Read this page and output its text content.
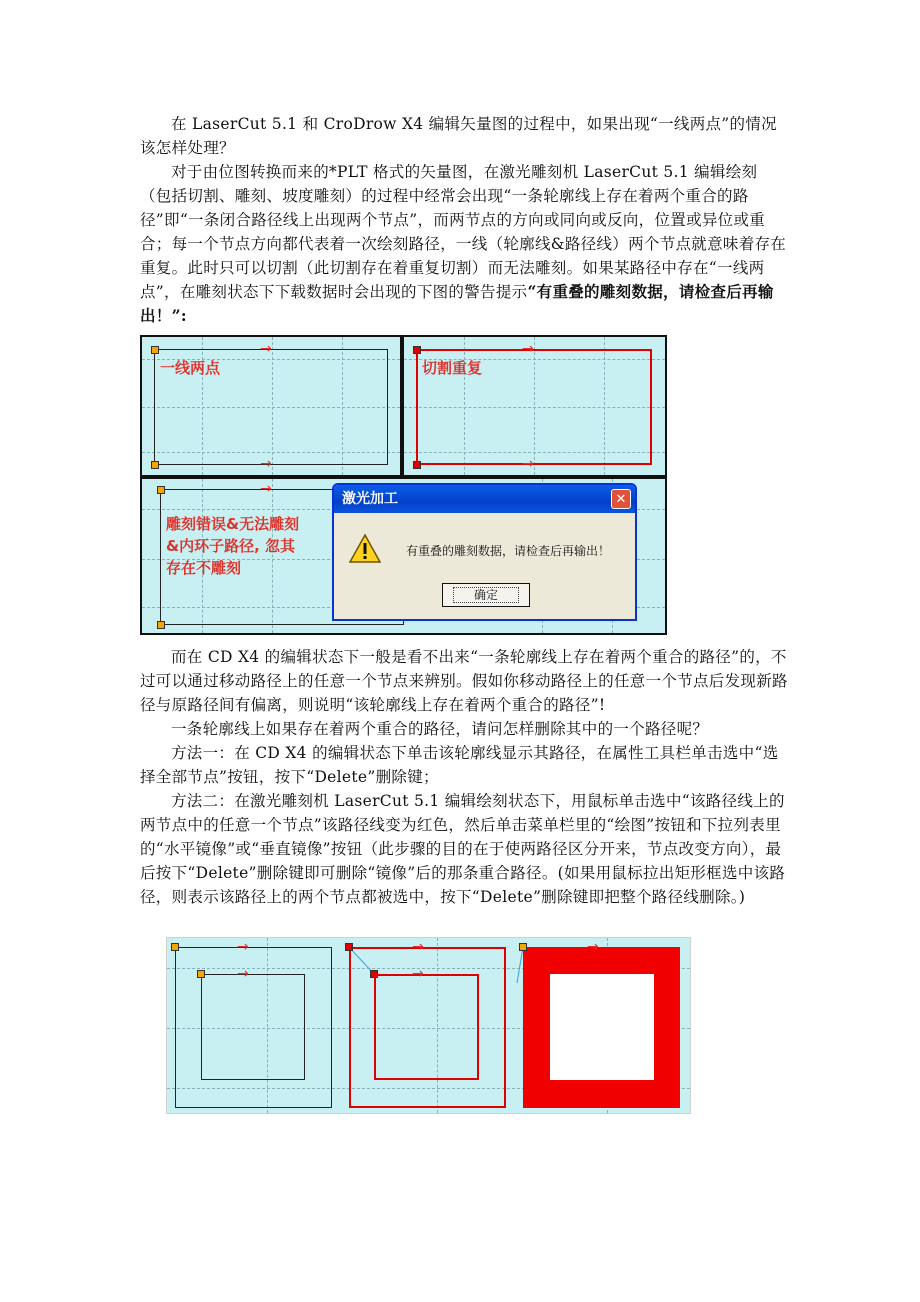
在 LaserCut 5.1 和 CroDrow X4 编辑矢量图的过程中，如果出现“一线两点”的情况该怎样处理？

对于由位图转换而来的*PLT 格式的矢量图，在激光雕刻机 LaserCut 5.1 编辑绘刻（包括切割、雕刻、坡度雕刻）的过程中经常会出现“一条轮廓线上存在着两个重合的路径”即“一条闭合路径线上出现两个节点”，而两节点的方向或同向或反向，位置或异位或重合；每一个节点方向都代表着一次绘刻路径，一线（轮廓线&路径线）两个节点就意味着存在重复。此时只可以切割（此切割存在着重复切割）而无法雕刻。如果某路径中存在“一线两点”，在雕刻状态下下载数据时会出现的下图的警告提示“有重叠的雕刻数据，请检查后再输出！”:

→
→
一线两点
→
→
切割重复
→
雕刻错误&无法雕刻
&内环子路径, 忽其
存在不雕刻
激光加工	✕
有重叠的雕刻数据，请检查后再输出！
确定

而在 CD X4 的编辑状态下一般是看不出来“一条轮廓线上存在着两个重合的路径”的，不过可以通过移动路径上的任意一个节点来辨别。假如你移动路径上的任意一个节点后发现新路径与原路径间有偏离，则说明“该轮廓线上存在着两个重合的路径”!

一条轮廓线上如果存在着两个重合的路径，请问怎样删除其中的一个路径呢？

方法一：在 CD X4 的编辑状态下单击该轮廓线显示其路径，在属性工具栏单击选中“选择全部节点”按钮，按下“Delete”删除键；

方法二：在激光雕刻机 LaserCut 5.1 编辑绘刻状态下，用鼠标单击选中“该路径线上的两节点中的任意一个节点”该路径线变为红色，然后单击菜单栏里的“绘图”按钮和下拉列表里的“水平镜像”或“垂直镜像”按钮（此步骤的目的在于使两路径区分开来，节点改变方向），最后按下“Delete”删除键即可删除“镜像”后的那条重合路径。(如果用鼠标拉出矩形框选中该路径，则表示该路径上的两个节点都被选中，按下“Delete”删除键即把整个路径线删除。)

→
→
→
→
→
